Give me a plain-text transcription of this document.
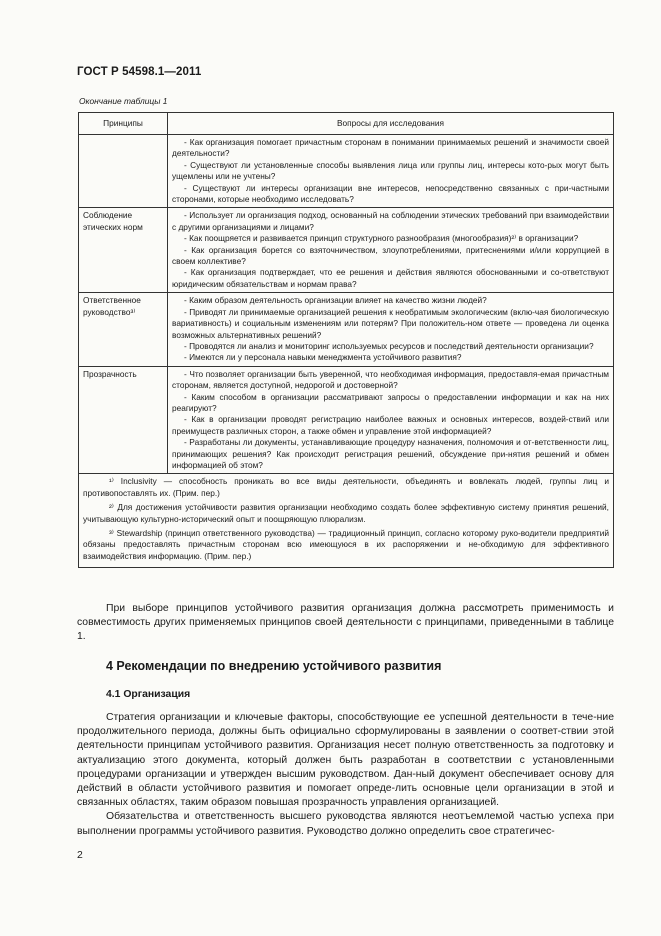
ГОСТ Р 54598.1—2011
Окончание таблицы 1
Принципы	Вопросы для исследования

	- Как организация помогает причастным сторонам в понимании принимаемых решений и значимости своей деятельности?

- Существуют ли установленные способы выявления лица или группы лиц, интересы кото-рых могут быть ущемлены или не учтены?

- Существуют ли интересы организации вне интересов, непосредственно связанных с при-частными сторонами, которые необходимо исследовать?

Соблюдение этических норм	- Использует ли организация подход, основанный на соблюдении этических требований при взаимодействии с другими организациями и лицами?

- Как поощряется и развивается принцип структурного разнообразия (многообразия)²⁾ в организации?

- Как организация борется со взяточничеством, злоупотреблениями, притеснениями и/или коррупцией в своем коллективе?

- Как организация подтверждает, что ее решения и действия являются обоснованными и со-ответствуют юридическим обязательствам и нормам права?

Ответственное руководство³⁾	- Каким образом деятельность организации влияет на качество жизни людей?

- Приводят ли принимаемые организацией решения к необратимым экологическим (вклю-чая биологическую вариативность) и социальным изменениям или потерям? При положитель-ном ответе — проведена ли оценка возможных альтернативных решений?

- Проводятся ли анализ и мониторинг используемых ресурсов и последствий деятельности организации?

- Имеются ли у персонала навыки менеджмента устойчивого развития?

Прозрачность	- Что позволяет организации быть уверенной, что необходимая информация, предоставля-емая причастным сторонам, является доступной, недорогой и достоверной?

- Каким способом в организации рассматривают запросы о предоставлении информации и как на них реагируют?

- Как в организации проводят регистрацию наиболее важных и основных интересов, воздей-ствий или преимуществ различных сторон, а также обмен и управление этой информацией?

- Разработаны ли документы, устанавливающие процедуру назначения, полномочия и от-ветственности лиц, принимающих решения? Как происходит регистрация решений, обсуждение при-нятия решений и обмен информацией об этом?

¹⁾ Inclusivity — способность проникать во все виды деятельности, объединять и вовлекать людей, группы лиц и противопоставлять их. (Прим. пер.)

²⁾ Для достижения устойчивости развития организации необходимо создать более эффективную систему принятия решений, учитывающую культурно-исторический опыт и поощряющую плюрализм.

³⁾ Stewardship (принцип ответственного руководства) — традиционный принцип, согласно которому руко-водители предприятий обязаны предоставлять причастным сторонам всю имеющуюся в их распоряжении и не-обходимую для эффективного взаимодействия информацию. (Прим. пер.)	

При выборе принципов устойчивого развития организация должна рассмотреть применимость и совместимость других применяемых принципов своей деятельности с принципами, приведенными в таблице 1.

4 Рекомендации по внедрению устойчивого развития
4.1 Организация

Стратегия организации и ключевые факторы, способствующие ее успешной деятельности в тече-ние продолжительного периода, должны быть официально сформулированы в заявлении о соответ-ствии этой деятельности принципам устойчивого развития. Организация несет полную ответственность за подготовку и актуализацию этого документа, который должен быть разработан в соответствии с установленными процедурами организации и утвержден высшим руководством. Дан-ный документ обеспечивает основу для действий в области устойчивого развития и помогает опреде-лить основные цели организации в этой и связанных областях, таким образом повышая прозрачность управления организацией.

Обязательства и ответственность высшего руководства являются неотъемлемой частью успеха при выполнении программы устойчивого развития. Руководство должно определить свое стратегичес-

2
